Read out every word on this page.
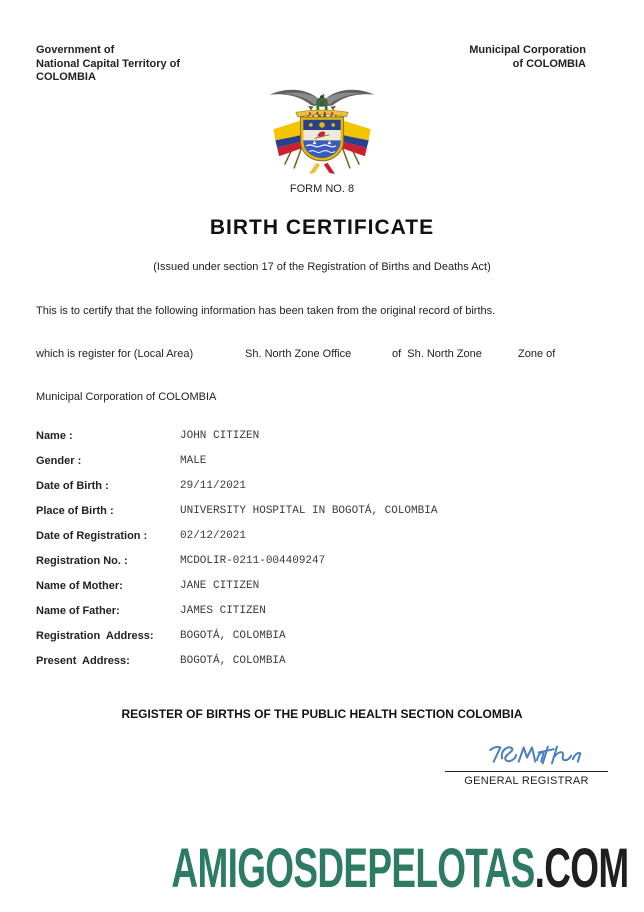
Government of
National Capital Territory of
COLOMBIA
Municipal Corporation
of COLOMBIA
FORM NO. 8
BIRTH CERTIFICATE
(Issued under section 17 of the Registration of Births and Deaths Act)
This is to certify that the following information has been taken from the original record of births.
which is register for (Local Area)	Sh. North Zone Office	of  Sh. North Zone	Zone of
Municipal Corporation of COLOMBIA
Name :	JOHN CITIZEN
Gender :	MALE
Date of Birth :	29/11/2021
Place of Birth :	UNIVERSITY HOSPITAL IN BOGOTÁ, COLOMBIA
Date of Registration :	02/12/2021
Registration No. :	MCDOLIR-0211-004409247
Name of Mother:	JANE CITIZEN
Name of Father:	JAMES CITIZEN
Registration  Address: BOGOTÁ, COLOMBIA
Present  Address:	BOGOTÁ, COLOMBIA
REGISTER OF BIRTHS OF THE PUBLIC HEALTH SECTION COLOMBIA
GENERAL REGISTRAR
AMIGOSDEPELOTAS.COM
